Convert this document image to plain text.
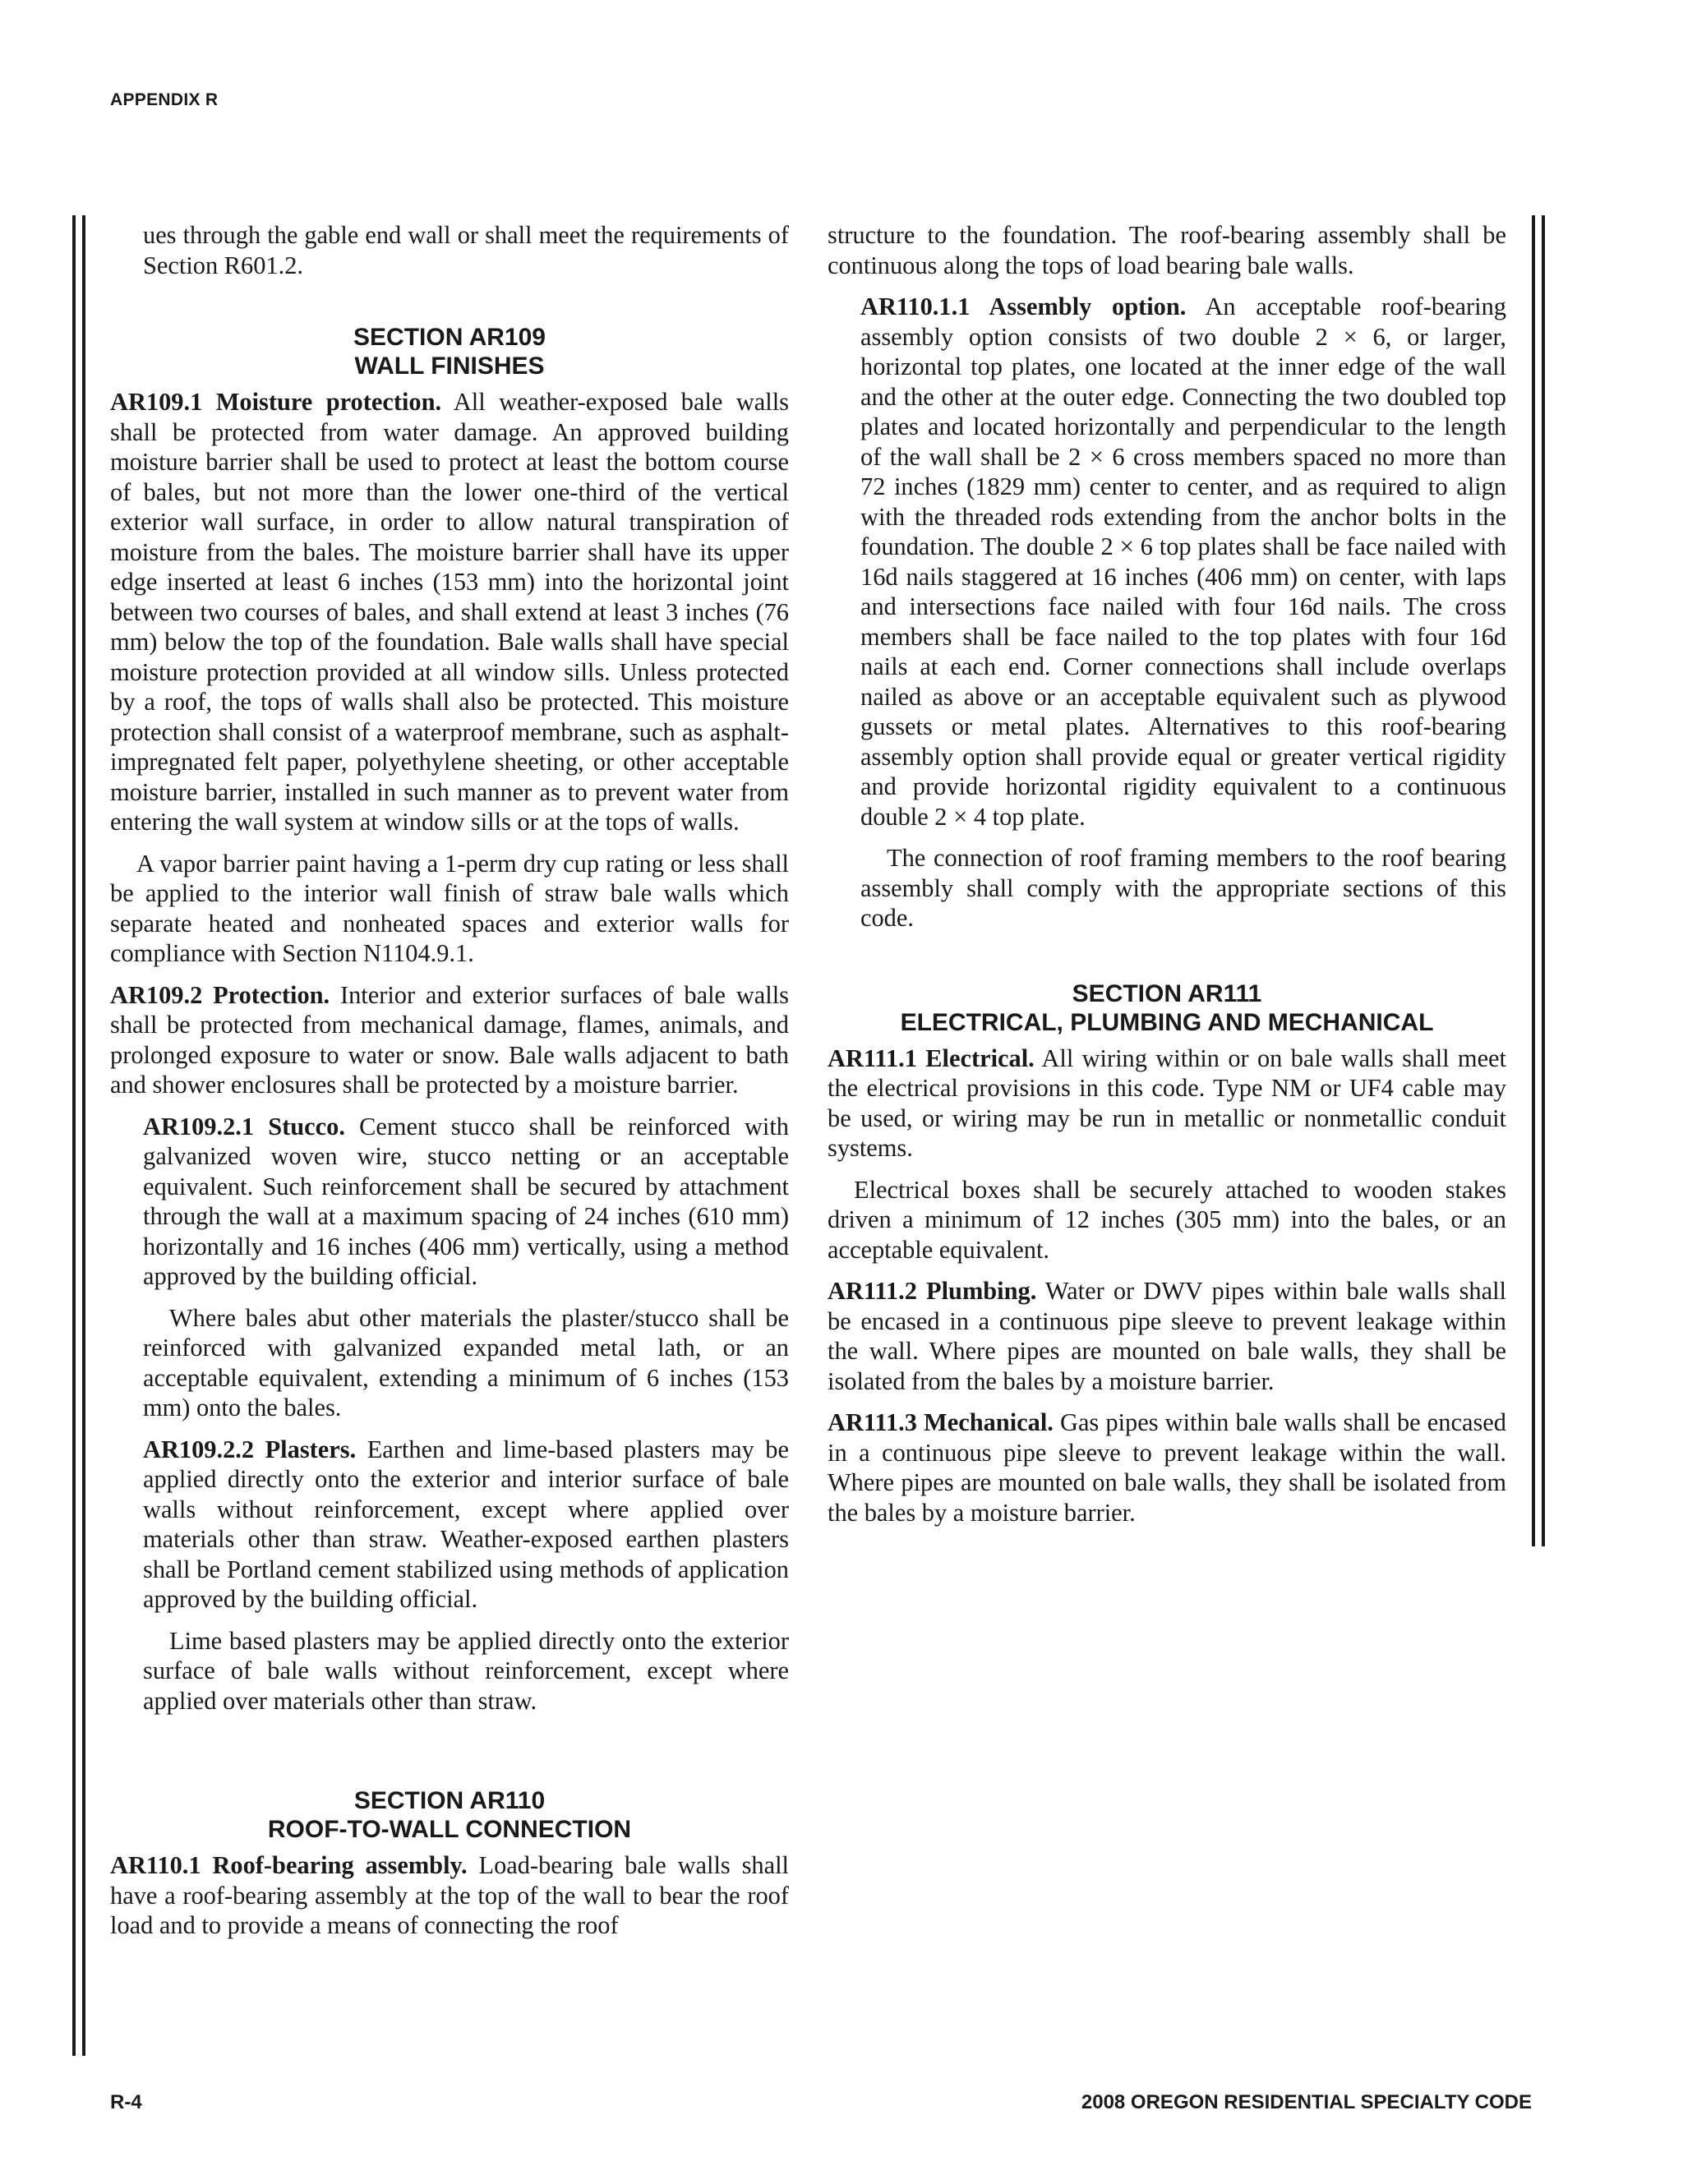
APPENDIX R

ues through the gable end wall or shall meet the requirements of Section R601.2.

SECTION AR109
WALL FINISHES

AR109.1 Moisture protection. All weather-exposed bale walls shall be protected from water damage. An approved building moisture barrier shall be used to protect at least the bottom course of bales, but not more than the lower one-third of the vertical exterior wall surface, in order to allow natural transpiration of moisture from the bales. The moisture barrier shall have its upper edge inserted at least 6 inches (153 mm) into the horizontal joint between two courses of bales, and shall extend at least 3 inches (76 mm) below the top of the foundation. Bale walls shall have special moisture protection provided at all window sills. Unless protected by a roof, the tops of walls shall also be protected. This moisture protection shall consist of a waterproof membrane, such as asphalt-impregnated felt paper, polyethylene sheeting, or other acceptable moisture barrier, installed in such manner as to prevent water from entering the wall system at window sills or at the tops of walls.

A vapor barrier paint having a 1-perm dry cup rating or less shall be applied to the interior wall finish of straw bale walls which separate heated and nonheated spaces and exterior walls for compliance with Section N1104.9.1.

AR109.2 Protection. Interior and exterior surfaces of bale walls shall be protected from mechanical damage, flames, animals, and prolonged exposure to water or snow. Bale walls adjacent to bath and shower enclosures shall be protected by a moisture barrier.

AR109.2.1 Stucco. Cement stucco shall be reinforced with galvanized woven wire, stucco netting or an acceptable equivalent. Such reinforcement shall be secured by attachment through the wall at a maximum spacing of 24 inches (610 mm) horizontally and 16 inches (406 mm) vertically, using a method approved by the building official.

Where bales abut other materials the plaster/stucco shall be reinforced with galvanized expanded metal lath, or an acceptable equivalent, extending a minimum of 6 inches (153 mm) onto the bales.

AR109.2.2 Plasters. Earthen and lime-based plasters may be applied directly onto the exterior and interior surface of bale walls without reinforcement, except where applied over materials other than straw. Weather-exposed earthen plasters shall be Portland cement stabilized using methods of application approved by the building official.

Lime based plasters may be applied directly onto the exterior surface of bale walls without reinforcement, except where applied over materials other than straw.

SECTION AR110
ROOF-TO-WALL CONNECTION

AR110.1 Roof-bearing assembly. Load-bearing bale walls shall have a roof-bearing assembly at the top of the wall to bear the roof load and to provide a means of connecting the roof

structure to the foundation. The roof-bearing assembly shall be continuous along the tops of load bearing bale walls.

AR110.1.1 Assembly option. An acceptable roof-bearing assembly option consists of two double 2 × 6, or larger, horizontal top plates, one located at the inner edge of the wall and the other at the outer edge. Connecting the two doubled top plates and located horizontally and perpendicular to the length of the wall shall be 2 × 6 cross members spaced no more than 72 inches (1829 mm) center to center, and as required to align with the threaded rods extending from the anchor bolts in the foundation. The double 2 × 6 top plates shall be face nailed with 16d nails staggered at 16 inches (406 mm) on center, with laps and intersections face nailed with four 16d nails. The cross members shall be face nailed to the top plates with four 16d nails at each end. Corner connections shall include overlaps nailed as above or an acceptable equivalent such as plywood gussets or metal plates. Alternatives to this roof-bearing assembly option shall provide equal or greater vertical rigidity and provide horizontal rigidity equivalent to a continuous double 2 × 4 top plate.

The connection of roof framing members to the roof bearing assembly shall comply with the appropriate sections of this code.

SECTION AR111
ELECTRICAL, PLUMBING AND MECHANICAL

AR111.1 Electrical. All wiring within or on bale walls shall meet the electrical provisions in this code. Type NM or UF4 cable may be used, or wiring may be run in metallic or nonmetallic conduit systems.

Electrical boxes shall be securely attached to wooden stakes driven a minimum of 12 inches (305 mm) into the bales, or an acceptable equivalent.

AR111.2 Plumbing. Water or DWV pipes within bale walls shall be encased in a continuous pipe sleeve to prevent leakage within the wall. Where pipes are mounted on bale walls, they shall be isolated from the bales by a moisture barrier.

AR111.3 Mechanical. Gas pipes within bale walls shall be encased in a continuous pipe sleeve to prevent leakage within the wall. Where pipes are mounted on bale walls, they shall be isolated from the bales by a moisture barrier.

R-4	2008 OREGON RESIDENTIAL SPECIALTY CODE
